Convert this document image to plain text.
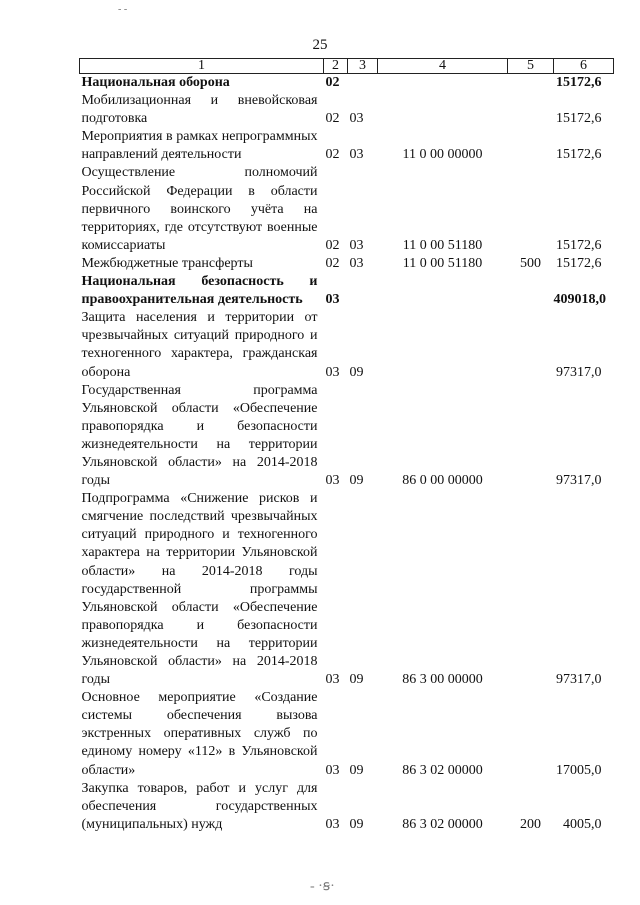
25
1	2	3	4	5	6
Национальная оборона	02				15172,6
Мобилизационная и вневойсковая подготовка	02	03			15172,6
Мероприятия в рамках непрограммных направлений деятельности	02	03	11 0 00 00000		15172,6
Осуществление полномочий Российской Федерации в области первичного воинского учёта на территориях, где отсутствуют военные комиссариаты	02	03	11 0 00 51180		15172,6
Межбюджетные трансферты	02	03	11 0 00 51180	500	15172,6
Национальная безопасность и правоохранительная деятельность	03				409018,0
Защита населения и территории от чрезвычайных ситуаций природного и техногенного характера, гражданская оборона	03	09			97317,0
Государственная программа Ульяновской области «Обеспечение правопорядка и безопасности жизнедеятельности на территории Ульяновской области» на 2014-2018 годы	03	09	86 0 00 00000		97317,0
Подпрограмма «Снижение рисков и смягчение последствий чрезвычайных ситуаций природного и техногенного характера на территории Ульяновской области» на 2014-2018 годы государственной программы Ульяновской области «Обеспечение правопорядка и безопасности жизнедеятельности на территории Ульяновской области» на 2014-2018 годы	03	09	86 3 00 00000		97317,0
Основное мероприятие «Создание системы обеспечения вызова экстренных оперативных служб по единому номеру «112» в Ульяновской области»	03	09	86 3 02 00000		17005,0
Закупка товаров, работ и услуг для обеспечения государственных (муниципальных) нужд	03	09	86 3 02 00000	200	4005,0
‐ ‐
‐ ·ꞩ·
